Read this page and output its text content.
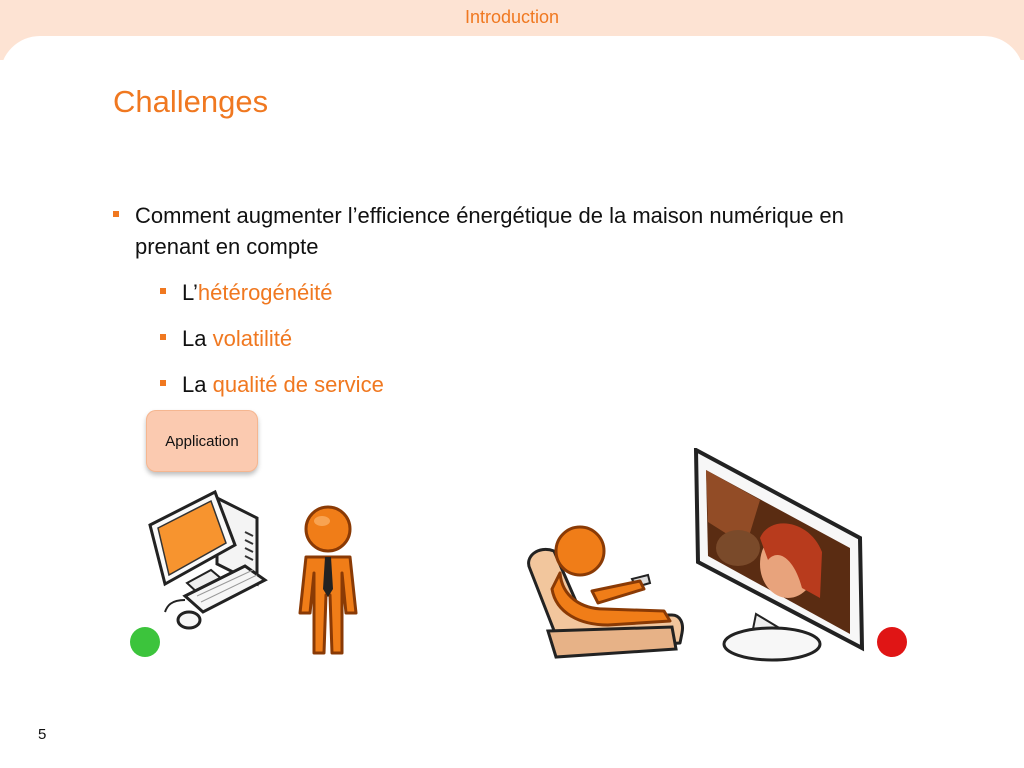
Introduction
Challenges
Comment augmenter l’efficience énergétique de la maison numérique en prenant en compte
L’hétérogénéité
La volatilité
La qualité de service
Application
5
